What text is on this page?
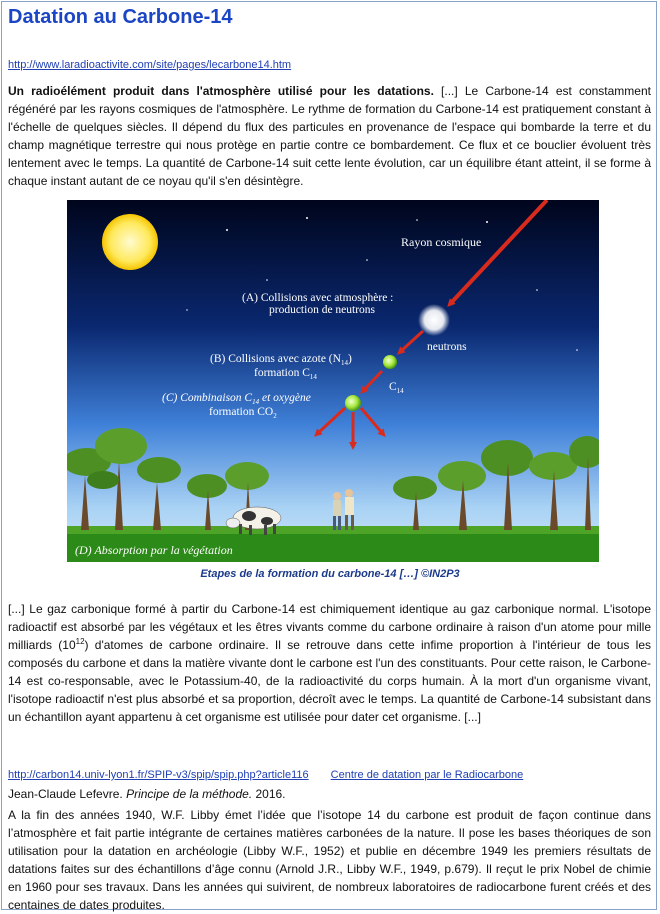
Datation au Carbone-14
http://www.laradioactivite.com/site/pages/lecarbone14.htm

Un radioélément produit dans l'atmosphère utilisé pour les datations. [...] Le Carbone-14 est constamment régénéré par les rayons cosmiques de l'atmosphère. Le rythme de formation du Carbone-14 est pratiquement constant à l'échelle de quelques siècles. Il dépend du flux des particules en provenance de l'espace qui bombarde la terre et du champ magnétique terrestre qui nous protège en partie contre ce bombardement. Ce flux et ce bouclier évoluent très lentement avec le temps. La quantité de Carbone-14 suit cette lente évolution, car un équilibre étant atteint, il se forme à chaque instant autant de ce noyau qu'il s'en désintègre.

Rayon cosmique
(A) Collisions avec atmosphère :
production de neutrons
neutrons
(B) Collisions avec azote $(N_{14})$
formation $C_{14}$
$C_{14}$
(C) Combinaison $C_{14}$ et oxygène
formation $CO_2$
(D) Absorption par la végétation
Etapes de la formation du carbone-14 […] ©IN2P3

[...] Le gaz carbonique formé à partir du Carbone-14 est chimiquement identique au gaz carbonique normal. L'isotope radioactif est absorbé par les végétaux et les êtres vivants comme du carbone ordinaire à raison d'un atome pour mille milliards $(10^{12})$ d'atomes de carbone ordinaire. Il se retrouve dans cette infime proportion à l'intérieur de tous les composés du carbone et dans la matière vivante dont le carbone est l'un des constituants. Pour cette raison, le Carbone-14 est co-responsable, avec le Potassium-40, de la radioactivité du corps humain. À la mort d'un organisme vivant, l'isotope radioactif n'est plus absorbé et sa proportion, décroît avec le temps. La quantité de Carbone-14 subsistant dans un échantillon ayant appartenu à cet organisme est utilisée pour dater cet organisme. [...]

http://carbon14.univ-lyon1.fr/SPIP-v3/spip/spip.php?article116 Centre de datation par le Radiocarbone
Jean-Claude Lefevre. Principe de la méthode. 2016.

A la fin des années 1940, W.F. Libby émet l’idée que l’isotope 14 du carbone est produit de façon continue dans l’atmosphère et fait partie intégrante de certaines matières carbonées de la nature. Il pose les bases théoriques de son utilisation pour la datation en archéologie (Libby W.F., 1952) et publie en décembre 1949 les premiers résultats de datations faites sur des échantillons d’âge connu (Arnold J.R., Libby W.F., 1949, p.679). Il reçut le prix Nobel de chimie en 1960 pour ses travaux. Dans les années qui suivirent, de nombreux laboratoires de radiocarbone furent créés et des centaines de dates produites.
